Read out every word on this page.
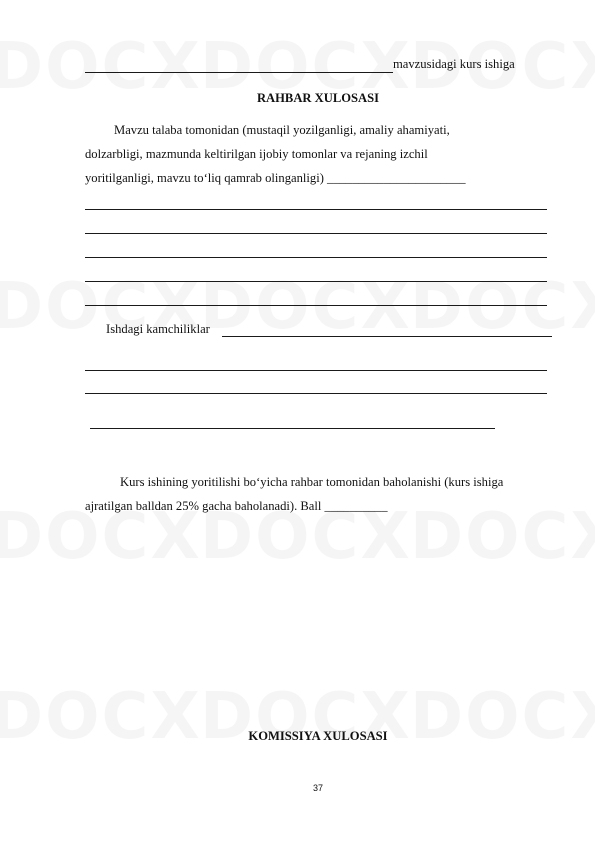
mavzusidagi kurs ishiga
RAHBAR XULOSASI
Mavzu talaba tomonidan (mustaqil yozilganligi, amaliy ahamiyati,
dolzarbligi, mazmunda keltirilgan ijobiy tomonlar va rejaning izchil
yoritilganligi, mavzu to‘liq qamrab olinganligi) ______________________
Ishdagi kamchiliklar
Kurs ishining yoritilishi bo‘yicha rahbar tomonidan baholanishi (kurs ishiga
ajratilgan balldan 25% gacha baholanadi). Ball __________
KOMISSIYA XULOSASI
37
